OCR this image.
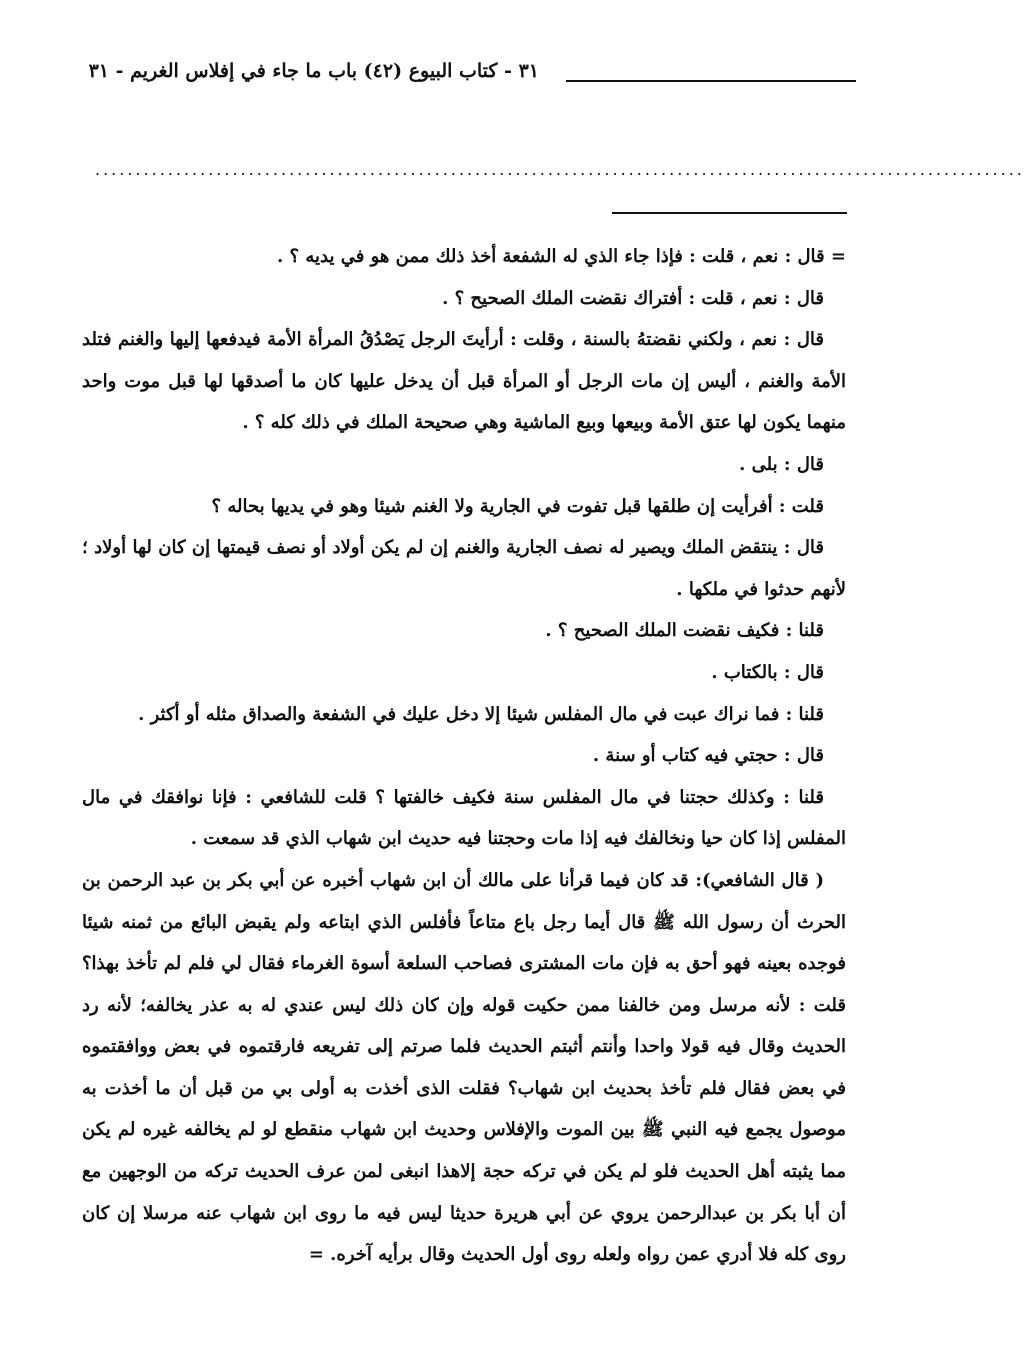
٣١ - كتاب البيوع (٤٢) باب ما جاء في إفلاس الغريم - ٣١
...................................................................................................................

= قال : نعم ، قلت : فإذا جاء الذي له الشفعة أخذ ذلك ممن هو في يديه ؟ .

قال : نعم ، قلت : أفتراك نقضت الملك الصحيح ؟ .

قال : نعم ، ولكني نقضتهُ بالسنة ، وقلت : أرأيتَ الرجل يَصْدُقُ المرأة الأمة فيدفعها إليها والغنم فتلد الأمة والغنم ، أليس إن مات الرجل أو المرأة قبل أن يدخل عليها كان ما أصدقها لها قبل موت واحد منهما يكون لها عتق الأمة وبيعها وبيع الماشية وهي صحيحة الملك في ذلك كله ؟ .

قال : بلى .

قلت : أفرأيت إن طلقها قبل تفوت في الجارية ولا الغنم شيئا وهو في يديها بحاله ؟

قال : ينتقض الملك ويصير له نصف الجارية والغنم إن لم يكن أولاد أو نصف قيمتها إن كان لها أولاد ؛ لأنهم حدثوا في ملكها .

قلنا : فكيف نقضت الملك الصحيح ؟ .

قال : بالكتاب .

قلنا : فما نراك عبت في مال المفلس شيئا إلا دخل عليك في الشفعة والصداق مثله أو أكثر .

قال : حجتي فيه كتاب أو سنة .

قلنا : وكذلك حجتنا في مال المفلس سنة فكيف خالفتها ؟ قلت للشافعي : فإنا نوافقك في مال المفلس إذا كان حيا ونخالفك فيه إذا مات وحجتنا فيه حديث ابن شهاب الذي قد سمعت .

( قال الشافعي): قد كان فيما قرأنا على مالك أن ابن شهاب أخبره عن أبي بكر بن عبد الرحمن بن الحرث أن رسول الله ﷺ قال أيما رجل باع متاعاً فأفلس الذي ابتاعه ولم يقبض البائع من ثمنه شيئا فوجده بعينه فهو أحق به فإن مات المشترى فصاحب السلعة أسوة الغرماء فقال لي فلم لم تأخذ بهذا؟ قلت : لأنه مرسل ومن خالفنا ممن حكيت قوله وإن كان ذلك ليس عندي له به عذر يخالفه؛ لأنه رد الحديث وقال فيه قولا واحدا وأنتم أثبتم الحديث فلما صرتم إلى تفريعه فارقتموه في بعض ووافقتموه في بعض فقال فلم تأخذ بحديث ابن شهاب؟ فقلت الذى أخذت به أولى بي من قبل أن ما أخذت به موصول يجمع فيه النبي ﷺ بين الموت والإفلاس وحديث ابن شهاب منقطع لو لم يخالفه غيره لم يكن مما يثبته أهل الحديث فلو لم يكن في تركه حجة إلاهذا انبغى لمن عرف الحديث تركه من الوجهين مع أن أبا بكر بن عبدالرحمن يروي عن أبي هريرة حديثا ليس فيه ما روى ابن شهاب عنه مرسلا إن كان روى كله فلا أدري عمن رواه ولعله روى أول الحديث وقال برأيه آخره. =
